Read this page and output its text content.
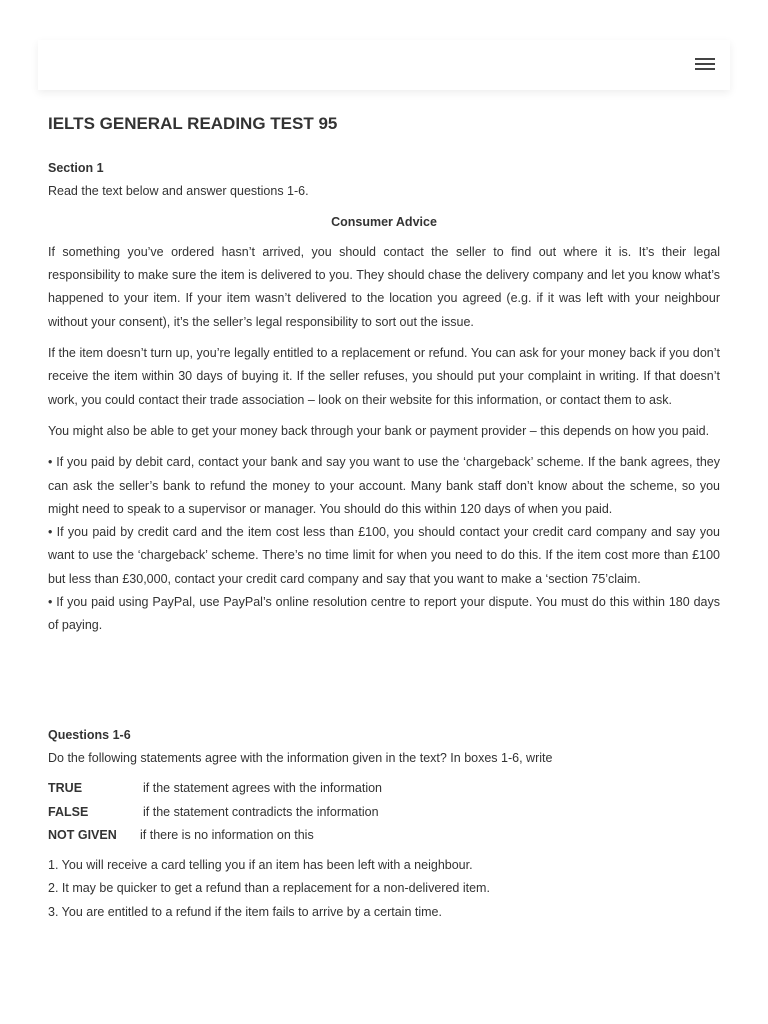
IELTS GENERAL READING TEST 95

Section 1

Read the text below and answer questions 1-6.

Consumer Advice

If something you’ve ordered hasn’t arrived, you should contact the seller to find out where it is. It’s their legal responsibility to make sure the item is delivered to you. They should chase the delivery company and let you know what’s happened to your item. If your item wasn’t delivered to the location you agreed (e.g. if it was left with your neighbour without your consent), it’s the seller’s legal responsibility to sort out the issue.

If the item doesn’t turn up, you’re legally entitled to a replacement or refund. You can ask for your money back if you don’t receive the item within 30 days of buying it. If the seller refuses, you should put your complaint in writing. If that doesn’t work, you could contact their trade association – look on their website for this information, or contact them to ask.

You might also be able to get your money back through your bank or payment provider – this depends on how you paid.

• If you paid by debit card, contact your bank and say you want to use the ‘chargeback’ scheme. If the bank agrees, they can ask the seller’s bank to refund the money to your account. Many bank staff don’t know about the scheme, so you might need to speak to a supervisor or manager. You should do this within 120 days of when you paid.

• If you paid by credit card and the item cost less than £100, you should contact your credit card company and say you want to use the ‘chargeback’ scheme. There’s no time limit for when you need to do this. If the item cost more than £100 but less than £30,000, contact your credit card company and say that you want to make a ‘section 75’claim.

• If you paid using PayPal, use PayPal’s online resolution centre to report your dispute. You must do this within 180 days of paying.

Questions 1-6

Do the following statements agree with the information given in the text? In boxes 1-6, write

TRUE	if the statement agrees with the information
FALSE	if the statement contradicts the information
NOT GIVEN	if there is no information on this

1. You will receive a card telling you if an item has been left with a neighbour.

2. It may be quicker to get a refund than a replacement for a non-delivered item.

3. You are entitled to a refund if the item fails to arrive by a certain time.
